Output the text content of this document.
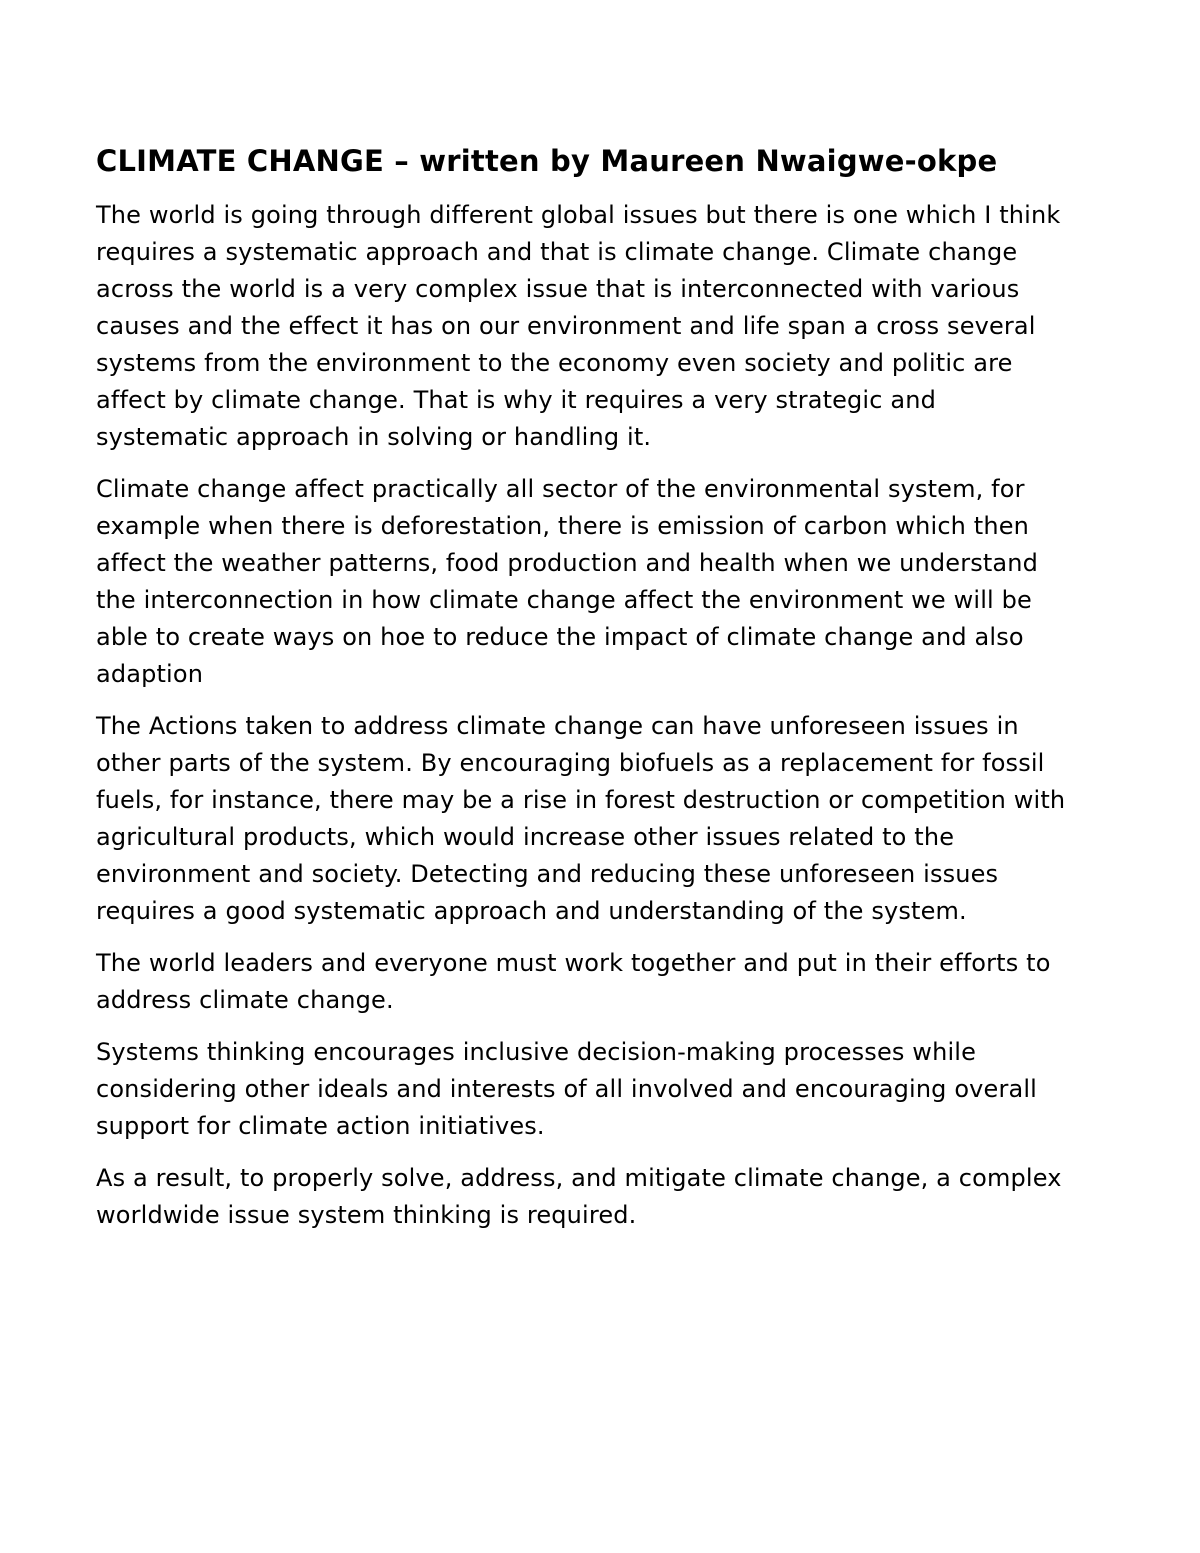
CLIMATE CHANGE – written by Maureen Nwaigwe-okpe

The world is going through different global issues but there is one which I think requires a systematic approach and that is climate change. Climate change across the world is a very complex issue that is interconnected with various causes and the effect it has on our environment and life span a cross several systems from the environment to the economy even society and politic are affect by climate change. That is why it requires a very strategic and systematic approach in solving or handling it.

Climate change affect practically all sector of the environmental system, for example when there is deforestation, there is emission of carbon which then affect the weather patterns, food production and health when we understand the interconnection in how climate change affect the environment we will be able to create ways on hoe to reduce the impact of climate change and also adaption

The Actions taken to address climate change can have unforeseen issues in other parts of the system. By encouraging biofuels as a replacement for fossil fuels, for instance, there may be a rise in forest destruction or competition with agricultural products, which would increase other issues related to the environment and society. Detecting and reducing these unforeseen issues requires a good systematic approach and understanding of the system.

The world leaders and everyone must work together and put in their efforts to address climate change.

Systems thinking encourages inclusive decision-making processes while considering other ideals and interests of all involved and encouraging overall support for climate action initiatives.

As a result, to properly solve, address, and mitigate climate change, a complex worldwide issue system thinking is required.
